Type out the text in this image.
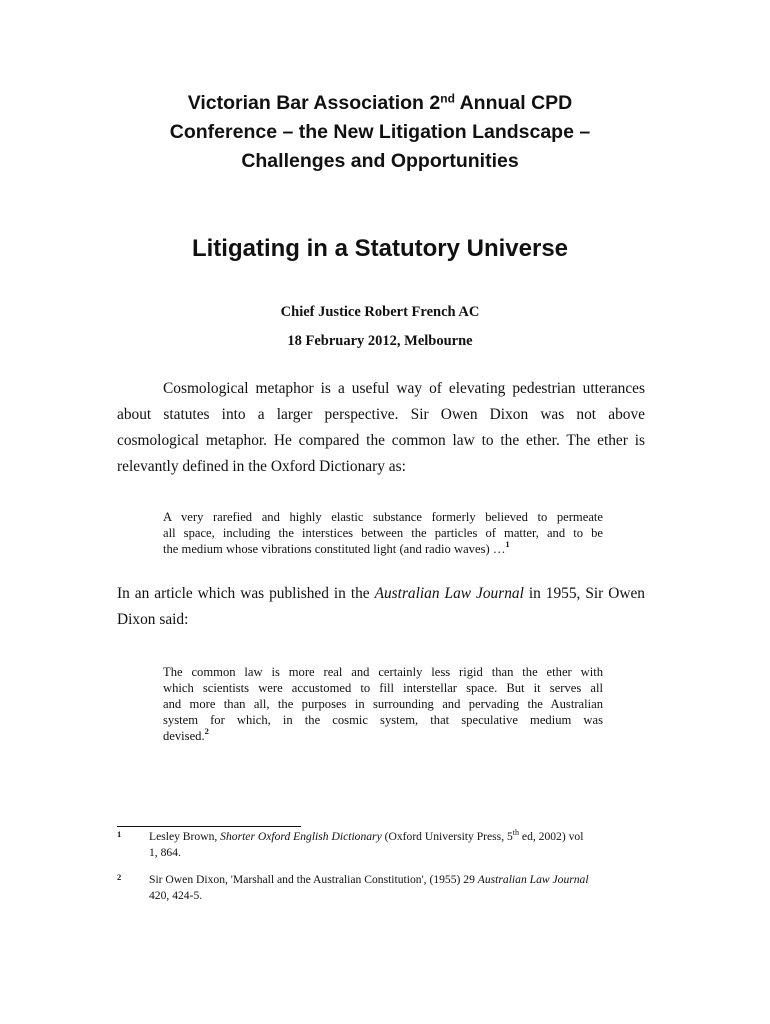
Victorian Bar Association 2nd Annual CPD
Conference – the New Litigation Landscape –
Challenges and Opportunities
Litigating in a Statutory Universe
Chief Justice Robert French AC
18 February 2012, Melbourne
Cosmological metaphor is a useful way of elevating pedestrian utterances
about statutes into a larger perspective. Sir Owen Dixon was not above
cosmological metaphor. He compared the common law to the ether. The ether is
relevantly defined in the Oxford Dictionary as:
A very rarefied and highly elastic substance formerly believed to permeate
all space, including the interstices between the particles of matter, and to be
the medium whose vibrations constituted light (and radio waves) …$^1$
In an article which was published in the Australian Law Journal in 1955, Sir Owen
Dixon said:
The common law is more real and certainly less rigid than the ether with
which scientists were accustomed to fill interstellar space. But it serves all
and more than all, the purposes in surrounding and pervading the Australian
system for which, in the cosmic system, that speculative medium was
devised.$^2$
1 Lesley Brown, Shorter Oxford English Dictionary (Oxford University Press, 5th ed, 2002) vol
1, 864.
2 Sir Owen Dixon, 'Marshall and the Australian Constitution', (1955) 29 Australian Law Journal
420, 424-5.
